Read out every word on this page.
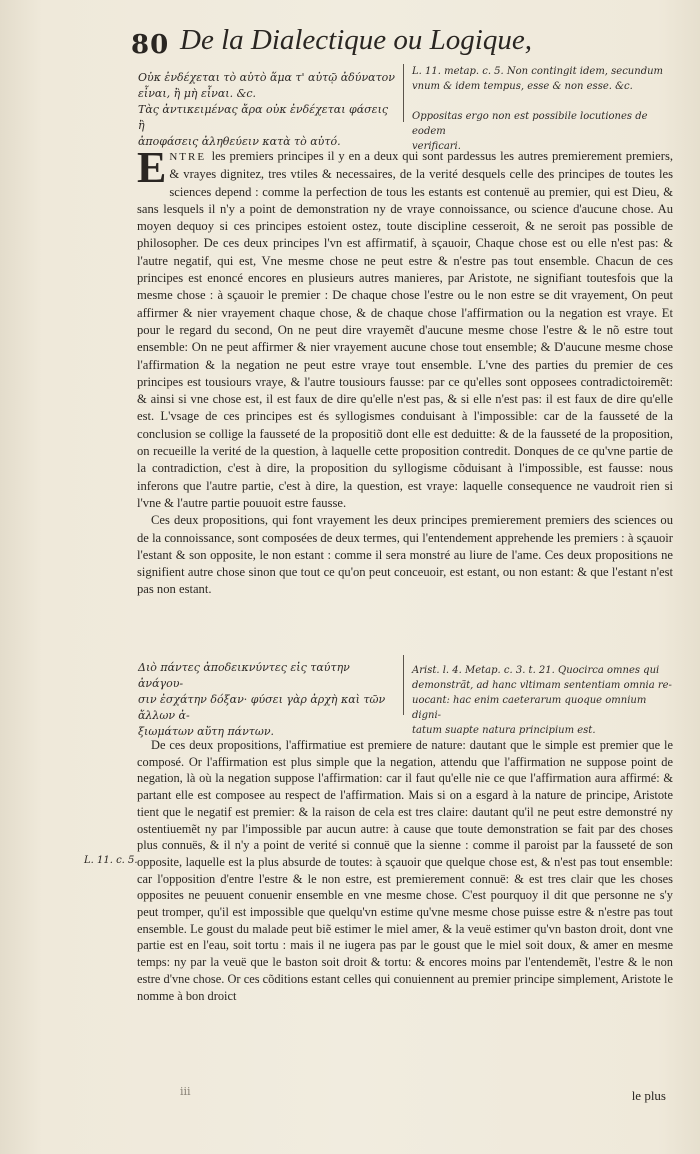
80 De la Dialectique ou Logique,
Οὐκ ἐνδέχεται τὸ αὐτὸ ἅμα τ' αὐτῷ ἀδύνατον
εἶναι, ἢ μὴ εἶναι. &c.
Τὰς ἀντικειμένας ἄρα οὐκ ἐνδέχεται φάσεις ἢ
ἀποφάσεις ἀληθεύειν κατὰ τὸ αὐτό.
L. 11. metap. c. 5. Non contingit idem, secundum
vnum & idem tempus, esse & non esse. &c.

Oppositas ergo non est possibile locutiones de eodem
verificari.

ENTRE les premiers principes il y en a deux qui sont pardessus les autres premierement premiers, & vrayes dignitez, tres vtiles & necessaires, de la verité desquels celle des principes de toutes les sciences depend : comme la perfection de tous les estants est contenuë au premier, qui est Dieu, & sans lesquels il n'y a point de demonstration ny de vraye connoissance, ou science d'aucune chose. Au moyen dequoy si ces principes estoient ostez, toute discipline cesseroit, & ne seroit pas possible de philosopher. De ces deux principes l'vn est affirmatif, à sçauoir, Chaque chose est ou elle n'est pas: & l'autre negatif, qui est, Vne mesme chose ne peut estre & n'estre pas tout ensemble. Chacun de ces principes est enoncé encores en plusieurs autres manieres, par Aristote, ne signifiant toutesfois que la mesme chose : à sçauoir le premier : De chaque chose l'estre ou le non estre se dit vrayement, On peut affirmer & nier vrayement chaque chose, & de chaque chose l'affirmation ou la negation est vraye. Et pour le regard du second, On ne peut dire vrayemẽt d'aucune mesme chose l'estre & le nõ estre tout ensemble: On ne peut affirmer & nier vrayement aucune chose tout ensemble; & D'aucune mesme chose l'affirmation & la negation ne peut estre vraye tout ensemble. L'vne des parties du premier de ces principes est tousiours vraye, & l'autre tousiours fausse: par ce qu'elles sont opposees contradictoiremẽt: & ainsi si vne chose est, il est faux de dire qu'elle n'est pas, & si elle n'est pas: il est faux de dire qu'elle est. L'vsage de ces principes est és syllogismes conduisant à l'impossible: car de la fausseté de la conclusion se collige la fausseté de la propositiõ dont elle est deduitte: & de la fausseté de la proposition, on recueille la verité de la question, à laquelle cette proposition contredit. Donques de ce qu'vne partie de la contradiction, c'est à dire, la proposition du syllogisme cõduisant à l'impossible, est fausse: nous inferons que l'autre partie, c'est à dire, la question, est vraye: laquelle consequence ne vaudroit rien si l'vne & l'autre partie pouuoit estre fausse.

Ces deux propositions, qui font vrayement les deux principes premierement premiers des sciences ou de la connoissance, sont composées de deux termes, qui l'entendement apprehende les premiers : à sçauoir l'estant & son opposite, le non estant : comme il sera monstré au liure de l'ame. Ces deux propositions ne signifient autre chose sinon que tout ce qu'on peut conceuoir, est estant, ou non estant: & que l'estant n'est pas non estant.

Διὸ πάντες ἀποδεικνύντες εἰς ταύτην ἀνάγου-
σιν ἐσχάτην δόξαν· φύσει γὰρ ἀρχὴ καὶ τῶν ἄλλων ἀ-
ξιωμάτων αὕτη πάντων.
Arist. l. 4. Metap. c. 3. t. 21. Quocirca omnes qui
demonstrãt, ad hanc vltimam sententiam omnia re-
uocant: hac enim caeterarum quoque omnium digni-
tatum suapte natura principium est.

De ces deux propositions, l'affirmatiue est premiere de nature: dautant que le simple est premier que le composé. Or l'affirmation est plus simple que la negation, attendu que l'affirmation ne suppose point de negation, là où la negation suppose l'affirmation: car il faut qu'elle nie ce que l'affirmation aura affirmé: & partant elle est composee au respect de l'affirmation. Mais si on a esgard à la nature de principe, Aristote tient que le negatif est premier: & la raison de cela est tres claire: dautant qu'il ne peut estre demonstré ny ostentiuemẽt ny par l'impossible par aucun autre: à cause que toute demonstration se fait par des choses plus connuës, & il n'y a point de verité si connuë que la sienne : comme il paroist par la fausseté de son opposite, laquelle est la plus absurde de toutes: à sçauoir que quelque chose est, & n'est pas tout ensemble: car l'opposition d'entre l'estre & le non estre, est premierement connuë: & est tres clair que les choses opposites ne peuuent conuenir ensemble en vne mesme chose. C'est pourquoy il dit que personne ne s'y peut tromper, qu'il est impossible que quelqu'vn estime qu'vne mesme chose puisse estre & n'estre pas tout ensemble. Le goust du malade peut biẽ estimer le miel amer, & la veuë estimer qu'vn baston droit, dont vne partie est en l'eau, soit tortu : mais il ne iugera pas par le goust que le miel soit doux, & amer en mesme temps: ny par la veuë que le baston soit droit & tortu: & encores moins par l'entendemẽt, l'estre & le non estre d'vne chose. Or ces cõditions estant celles qui conuiennent au premier principe simplement, Aristote le nomme à bon droict

L. 11. c. 5.
iii	le plus
